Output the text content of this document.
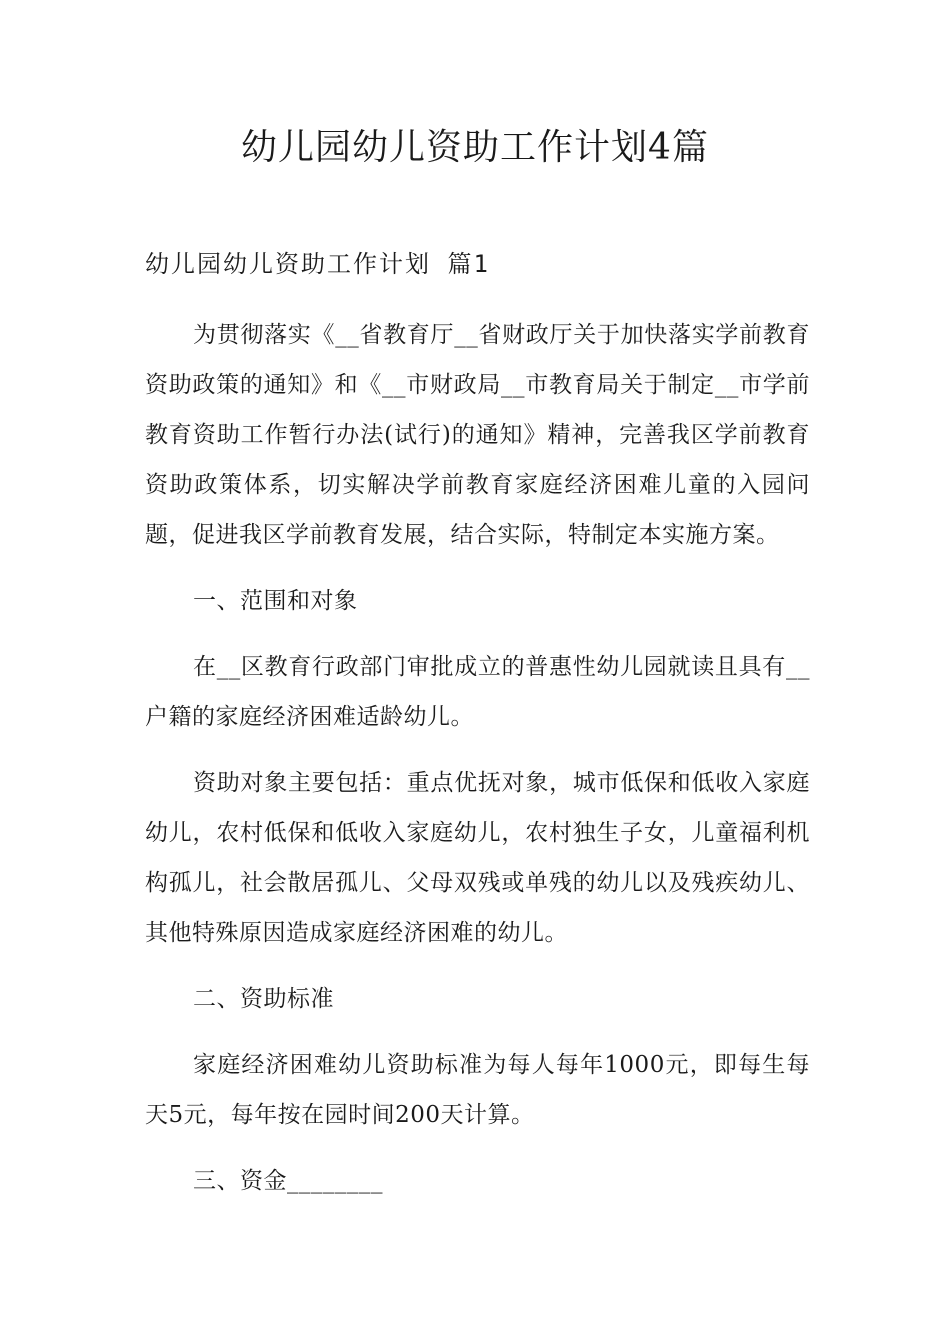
幼儿园幼儿资助工作计划4篇
幼儿园幼儿资助工作计划 篇1

为贯彻落实《__省教育厅__省财政厅关于加快落实学前教育资助政策的通知》和《__市财政局__市教育局关于制定__市学前教育资助工作暂行办法(试行)的通知》精神，完善我区学前教育资助政策体系，切实解决学前教育家庭经济困难儿童的入园问题，促进我区学前教育发展，结合实际，特制定本实施方案。

一、范围和对象

在__区教育行政部门审批成立的普惠性幼儿园就读且具有__户籍的家庭经济困难适龄幼儿。

资助对象主要包括：重点优抚对象，城市低保和低收入家庭幼儿，农村低保和低收入家庭幼儿，农村独生子女，儿童福利机构孤儿，社会散居孤儿、父母双残或单残的幼儿以及残疾幼儿、其他特殊原因造成家庭经济困难的幼儿。

二、资助标准

家庭经济困难幼儿资助标准为每人每年1000元，即每生每天5元，每年按在园时间200天计算。

三、资金________
